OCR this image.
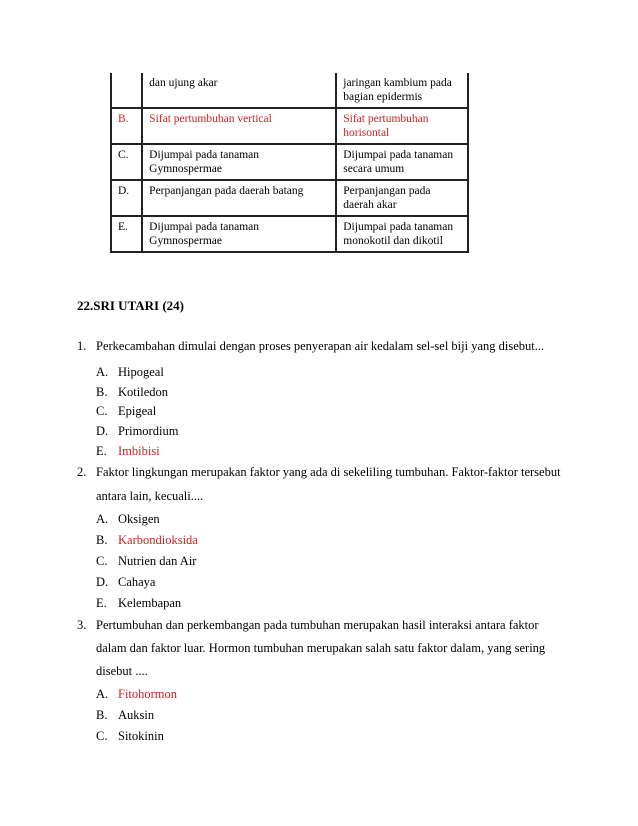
	dan ujung akar	jaringan kambium pada bagian epidermis
B.	Sifat pertumbuhan vertical	Sifat pertumbuhan horisontal
C.	Dijumpai pada tanaman Gymnospermae	Dijumpai pada tanaman secara umum
D.	Perpanjangan pada daerah batang	Perpanjangan pada daerah akar
E.	Dijumpai pada tanaman Gymnospermae	Dijumpai pada tanaman monokotil dan dikotil
22.SRI UTARI (24)
1. Perkecambahan dimulai dengan proses penyerapan air kedalam sel-sel biji yang disebut...
A. Hipogeal
B. Kotiledon
C. Epigeal
D. Primordium
E. Imbibisi
2. Faktor lingkungan merupakan faktor yang ada di sekeliling tumbuhan. Faktor-faktor tersebut
antara lain, kecuali....
A. Oksigen
B. Karbondioksida
C. Nutrien dan Air
D. Cahaya
E. Kelembapan
3. Pertumbuhan dan perkembangan pada tumbuhan merupakan hasil interaksi antara faktor
dalam dan faktor luar. Hormon tumbuhan merupakan salah satu faktor dalam, yang sering
disebut ....
A. Fitohormon
B. Auksin
C. Sitokinin
